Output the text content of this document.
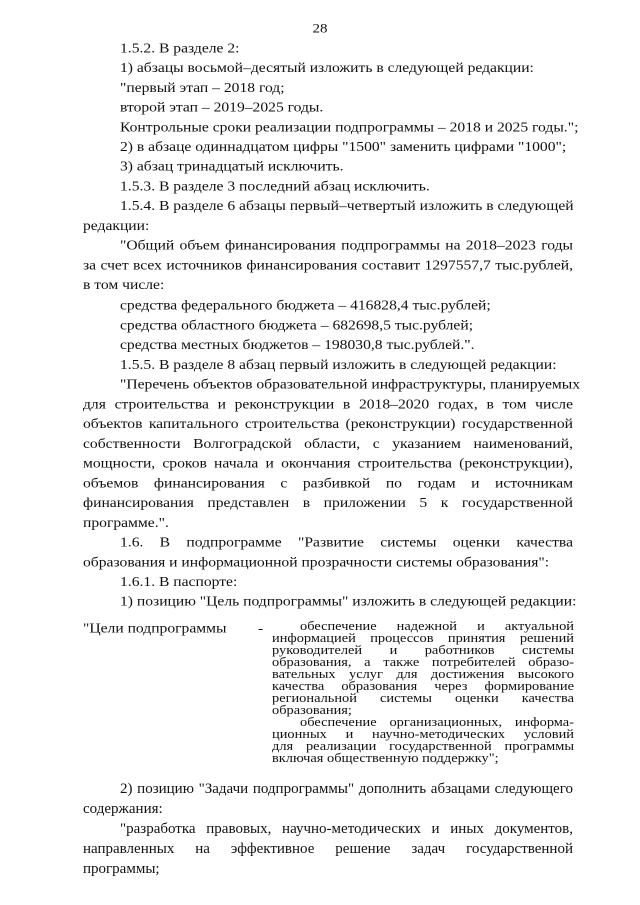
28
1.5.2. В разделе 2:
1) абзацы восьмой–десятый изложить в следующей редакции:
"первый этап – 2018 год;
второй этап – 2019–2025 годы.
Контрольные сроки реализации подпрограммы – 2018 и 2025 годы.";
2) в абзаце одиннадцатом цифры "1500" заменить цифрами "1000";
3) абзац тринадцатый исключить.
1.5.3. В разделе 3 последний абзац исключить.
1.5.4. В разделе 6 абзацы первый–четвертый изложить в следующей
редакции:
"Общий объем финансирования подпрограммы на 2018–2023 годы
за счет всех источников финансирования составит 1297557,7 тыс.рублей,
в том числе:
средства федерального бюджета – 416828,4 тыс.рублей;
средства областного бюджета – 682698,5 тыс.рублей;
средства местных бюджетов – 198030,8 тыс.рублей.".
1.5.5. В разделе 8 абзац первый изложить в следующей редакции:
"Перечень объектов образовательной инфраструктуры, планируемых
для строительства и реконструкции в 2018–2020 годах, в том числе
объектов капитального строительства (реконструкции) государственной
собственности Волгоградской области, с указанием наименований,
мощности, сроков начала и окончания строительства (реконструкции),
объемов финансирования с разбивкой по годам и источникам
финансирования представлен в приложении 5 к государственной
программе.".
1.6. В подпрограмме "Развитие системы оценки качества
образования и информационной прозрачности системы образования":
1.6.1. В паспорте:
1) позицию "Цель подпрограммы" изложить в следующей редакции:
"Цели подпрограммы -	обеспечение надежной и актуальной
информацией процессов принятия решений
руководителей и работников системы
образования, а также потребителей образо-
вательных услуг для достижения высокого
качества образования через формирование
региональной системы оценки качества
образования;
обеспечение организационных, информа-
ционных и научно-методических условий
для реализации государственной программы
включая общественную поддержку";
2) позицию "Задачи подпрограммы" дополнить абзацами следующего
содержания:
"разработка правовых, научно-методических и иных документов,
направленных на эффективное решение задач государственной
программы;
